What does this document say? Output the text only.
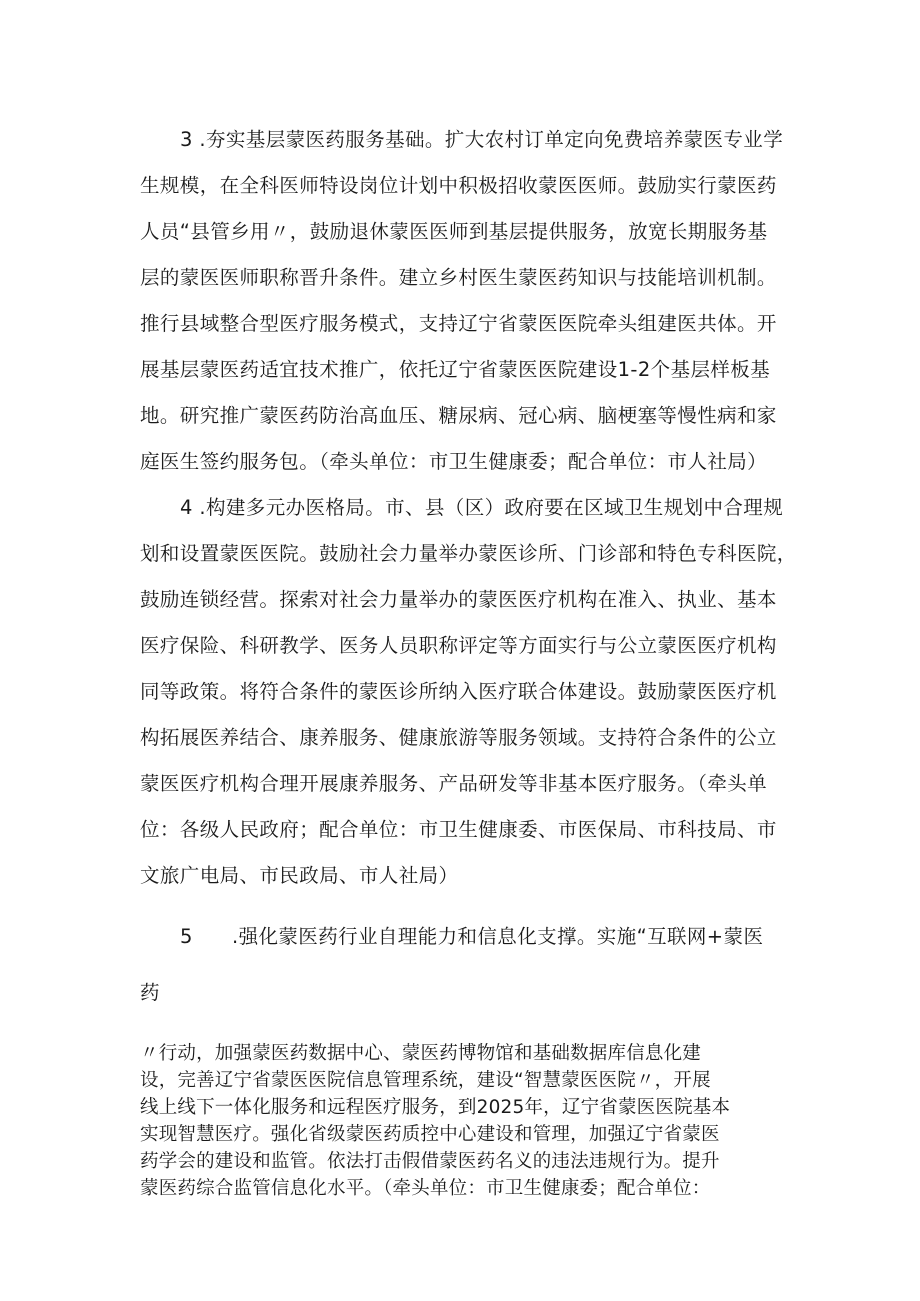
3 .夯实基层蒙医药服务基础。扩大农村订单定向免费培养蒙医专业学

生规模，在全科医师特设岗位计划中积极招收蒙医医师。鼓励实行蒙医药

人员“县管乡用〃，鼓励退休蒙医医师到基层提供服务，放宽长期服务基

层的蒙医医师职称晋升条件。建立乡村医生蒙医药知识与技能培训机制。

推行县域整合型医疗服务模式，支持辽宁省蒙医医院牵头组建医共体。开

展基层蒙医药适宜技术推广，依托辽宁省蒙医医院建设1-2个基层样板基

地。研究推广蒙医药防治高血压、糖尿病、冠心病、脑梗塞等慢性病和家

庭医生签约服务包。（牵头单位：市卫生健康委；配合单位：市人社局）

4 .构建多元办医格局。市、县（区）政府要在区域卫生规划中合理规

划和设置蒙医医院。鼓励社会力量举办蒙医诊所、门诊部和特色专科医院，

鼓励连锁经营。探索对社会力量举办的蒙医医疗机构在准入、执业、基本

医疗保险、科研教学、医务人员职称评定等方面实行与公立蒙医医疗机构

同等政策。将符合条件的蒙医诊所纳入医疗联合体建设。鼓励蒙医医疗机

构拓展医养结合、康养服务、健康旅游等服务领域。支持符合条件的公立

蒙医医疗机构合理开展康养服务、产品研发等非基本医疗服务。（牵头单

位：各级人民政府；配合单位：市卫生健康委、市医保局、市科技局、市

文旅广电局、市民政局、市人社局）

5 .强化蒙医药行业自理能力和信息化支撑。实施“互联网+蒙医

药

〃行动，加强蒙医药数据中心、蒙医药博物馆和基础数据库信息化建

设，完善辽宁省蒙医医院信息管理系统，建设“智慧蒙医医院〃，开展

线上线下一体化服务和远程医疗服务，到2025年，辽宁省蒙医医院基本

实现智慧医疗。强化省级蒙医药质控中心建设和管理，加强辽宁省蒙医

药学会的建设和监管。依法打击假借蒙医药名义的违法违规行为。提升

蒙医药综合监管信息化水平。（牵头单位：市卫生健康委；配合单位：
